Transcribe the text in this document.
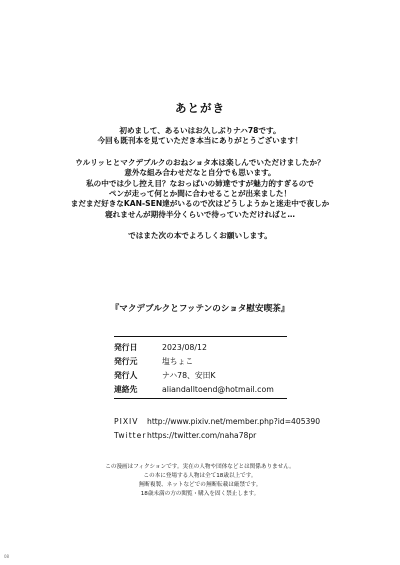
あとがき
初めまして、あるいはお久しぶりナハ78です。
今回も既刊本を見ていただき本当にありがとうございます！
ウルリッヒとマクデブルクのおねショタ本は楽しんでいただけましたか？
意外な組み合わせだなと自分でも思います。
私の中では少し控え目？なおっぱいの姉達ですが魅力的すぎるので
ペンが走って何とか間に合わせることが出来ました！
まだまだ好きなKAN-SEN達がいるので次はどうしようかと迷走中で夜しか
寝れませんが期待半分くらいで待っていただければと…
ではまた次の本でよろしくお願いします。
『マクデブルクとフッテンのショタ慰安喫茶』
発行日	2023/08/12
発行元	塩ちょこ
発行人	ナハ78、安田K
連絡先	aliandalltoend@hotmail.com
PIXIV	http://www.pixiv.net/member.php?id=405390
Twitter https://twitter.com/naha78pr
この漫画はフィクションです。実在の人物や団体などとは関係ありません。
この本に登場する人物は全て18歳以上です。
無断複製、ネットなどでの無断転載は厳禁です。
18歳未満の方の閲覧・購入を固く禁止します。
08
